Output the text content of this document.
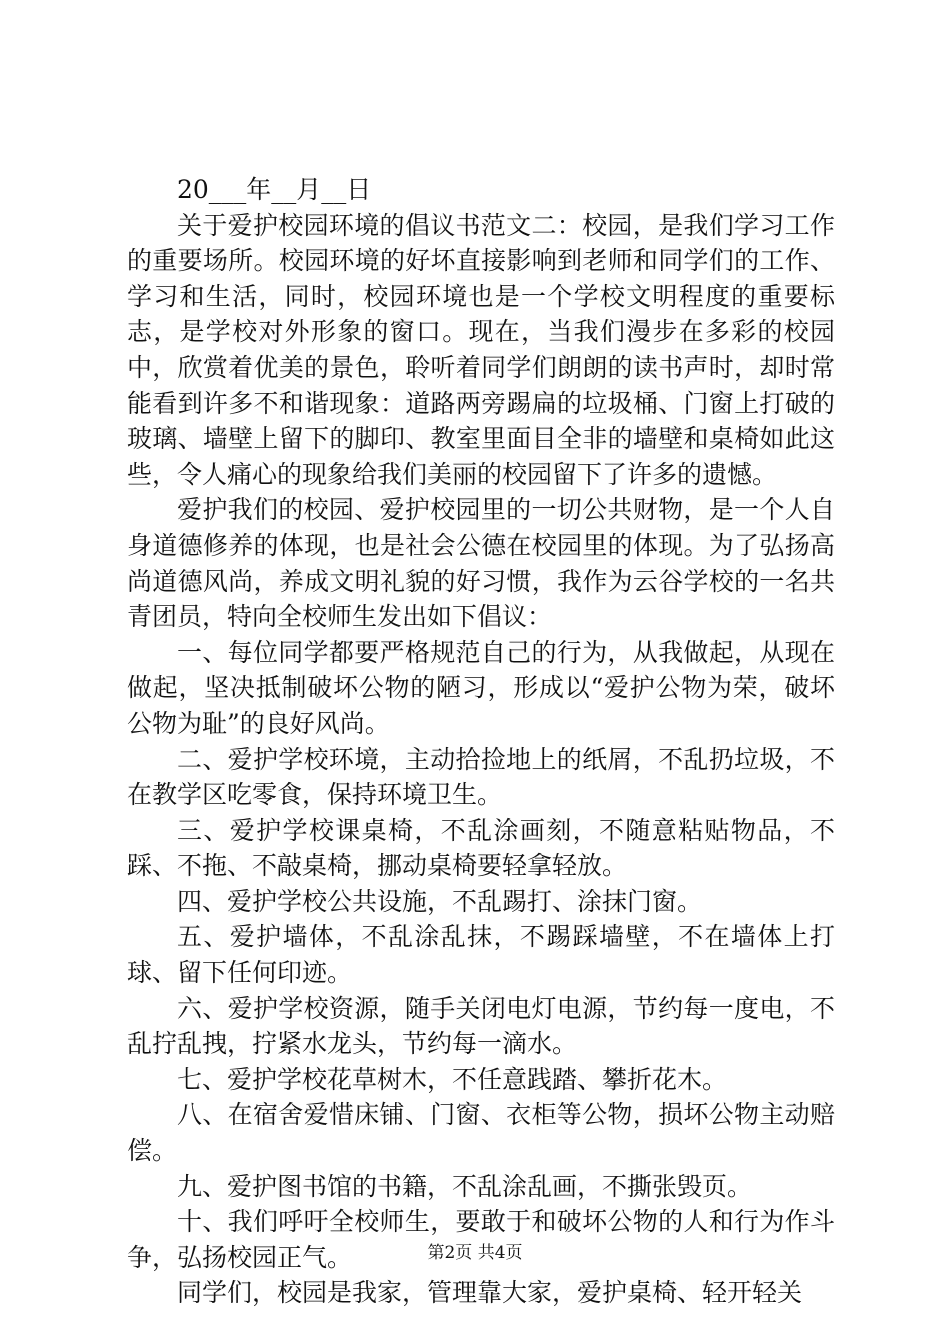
20___年__月__日

关于爱护校园环境的倡议书范文二：校园，是我们学习工作的重要场所。校园环境的好坏直接影响到老师和同学们的工作、学习和生活，同时，校园环境也是一个学校文明程度的重要标志，是学校对外形象的窗口。现在，当我们漫步在多彩的校园中，欣赏着优美的景色，聆听着同学们朗朗的读书声时，却时常能看到许多不和谐现象：道路两旁踢扁的垃圾桶、门窗上打破的玻璃、墙壁上留下的脚印、教室里面目全非的墙壁和桌椅如此这些，令人痛心的现象给我们美丽的校园留下了许多的遗憾。

爱护我们的校园、爱护校园里的一切公共财物，是一个人自身道德修养的体现，也是社会公德在校园里的体现。为了弘扬高尚道德风尚，养成文明礼貌的好习惯，我作为云谷学校的一名共青团员，特向全校师生发出如下倡议：

一、每位同学都要严格规范自己的行为，从我做起，从现在做起，坚决抵制破坏公物的陋习，形成以“爱护公物为荣，破坏公物为耻”的良好风尚。

二、爱护学校环境，主动拾捡地上的纸屑，不乱扔垃圾，不在教学区吃零食，保持环境卫生。

三、爱护学校课桌椅，不乱涂画刻，不随意粘贴物品，不踩、不拖、不敲桌椅，挪动桌椅要轻拿轻放。

四、爱护学校公共设施，不乱踢打、涂抹门窗。

五、爱护墙体，不乱涂乱抹，不踢踩墙壁，不在墙体上打球、留下任何印迹。

六、爱护学校资源，随手关闭电灯电源，节约每一度电，不乱拧乱拽，拧紧水龙头，节约每一滴水。

七、爱护学校花草树木，不任意践踏、攀折花木。

八、在宿舍爱惜床铺、门窗、衣柜等公物，损坏公物主动赔偿。

九、爱护图书馆的书籍，不乱涂乱画，不撕张毁页。

十、我们呼吁全校师生，要敢于和破坏公物的人和行为作斗争，弘扬校园正气。

同学们，校园是我家，管理靠大家，爱护桌椅、轻开轻关

第2页 共4页
